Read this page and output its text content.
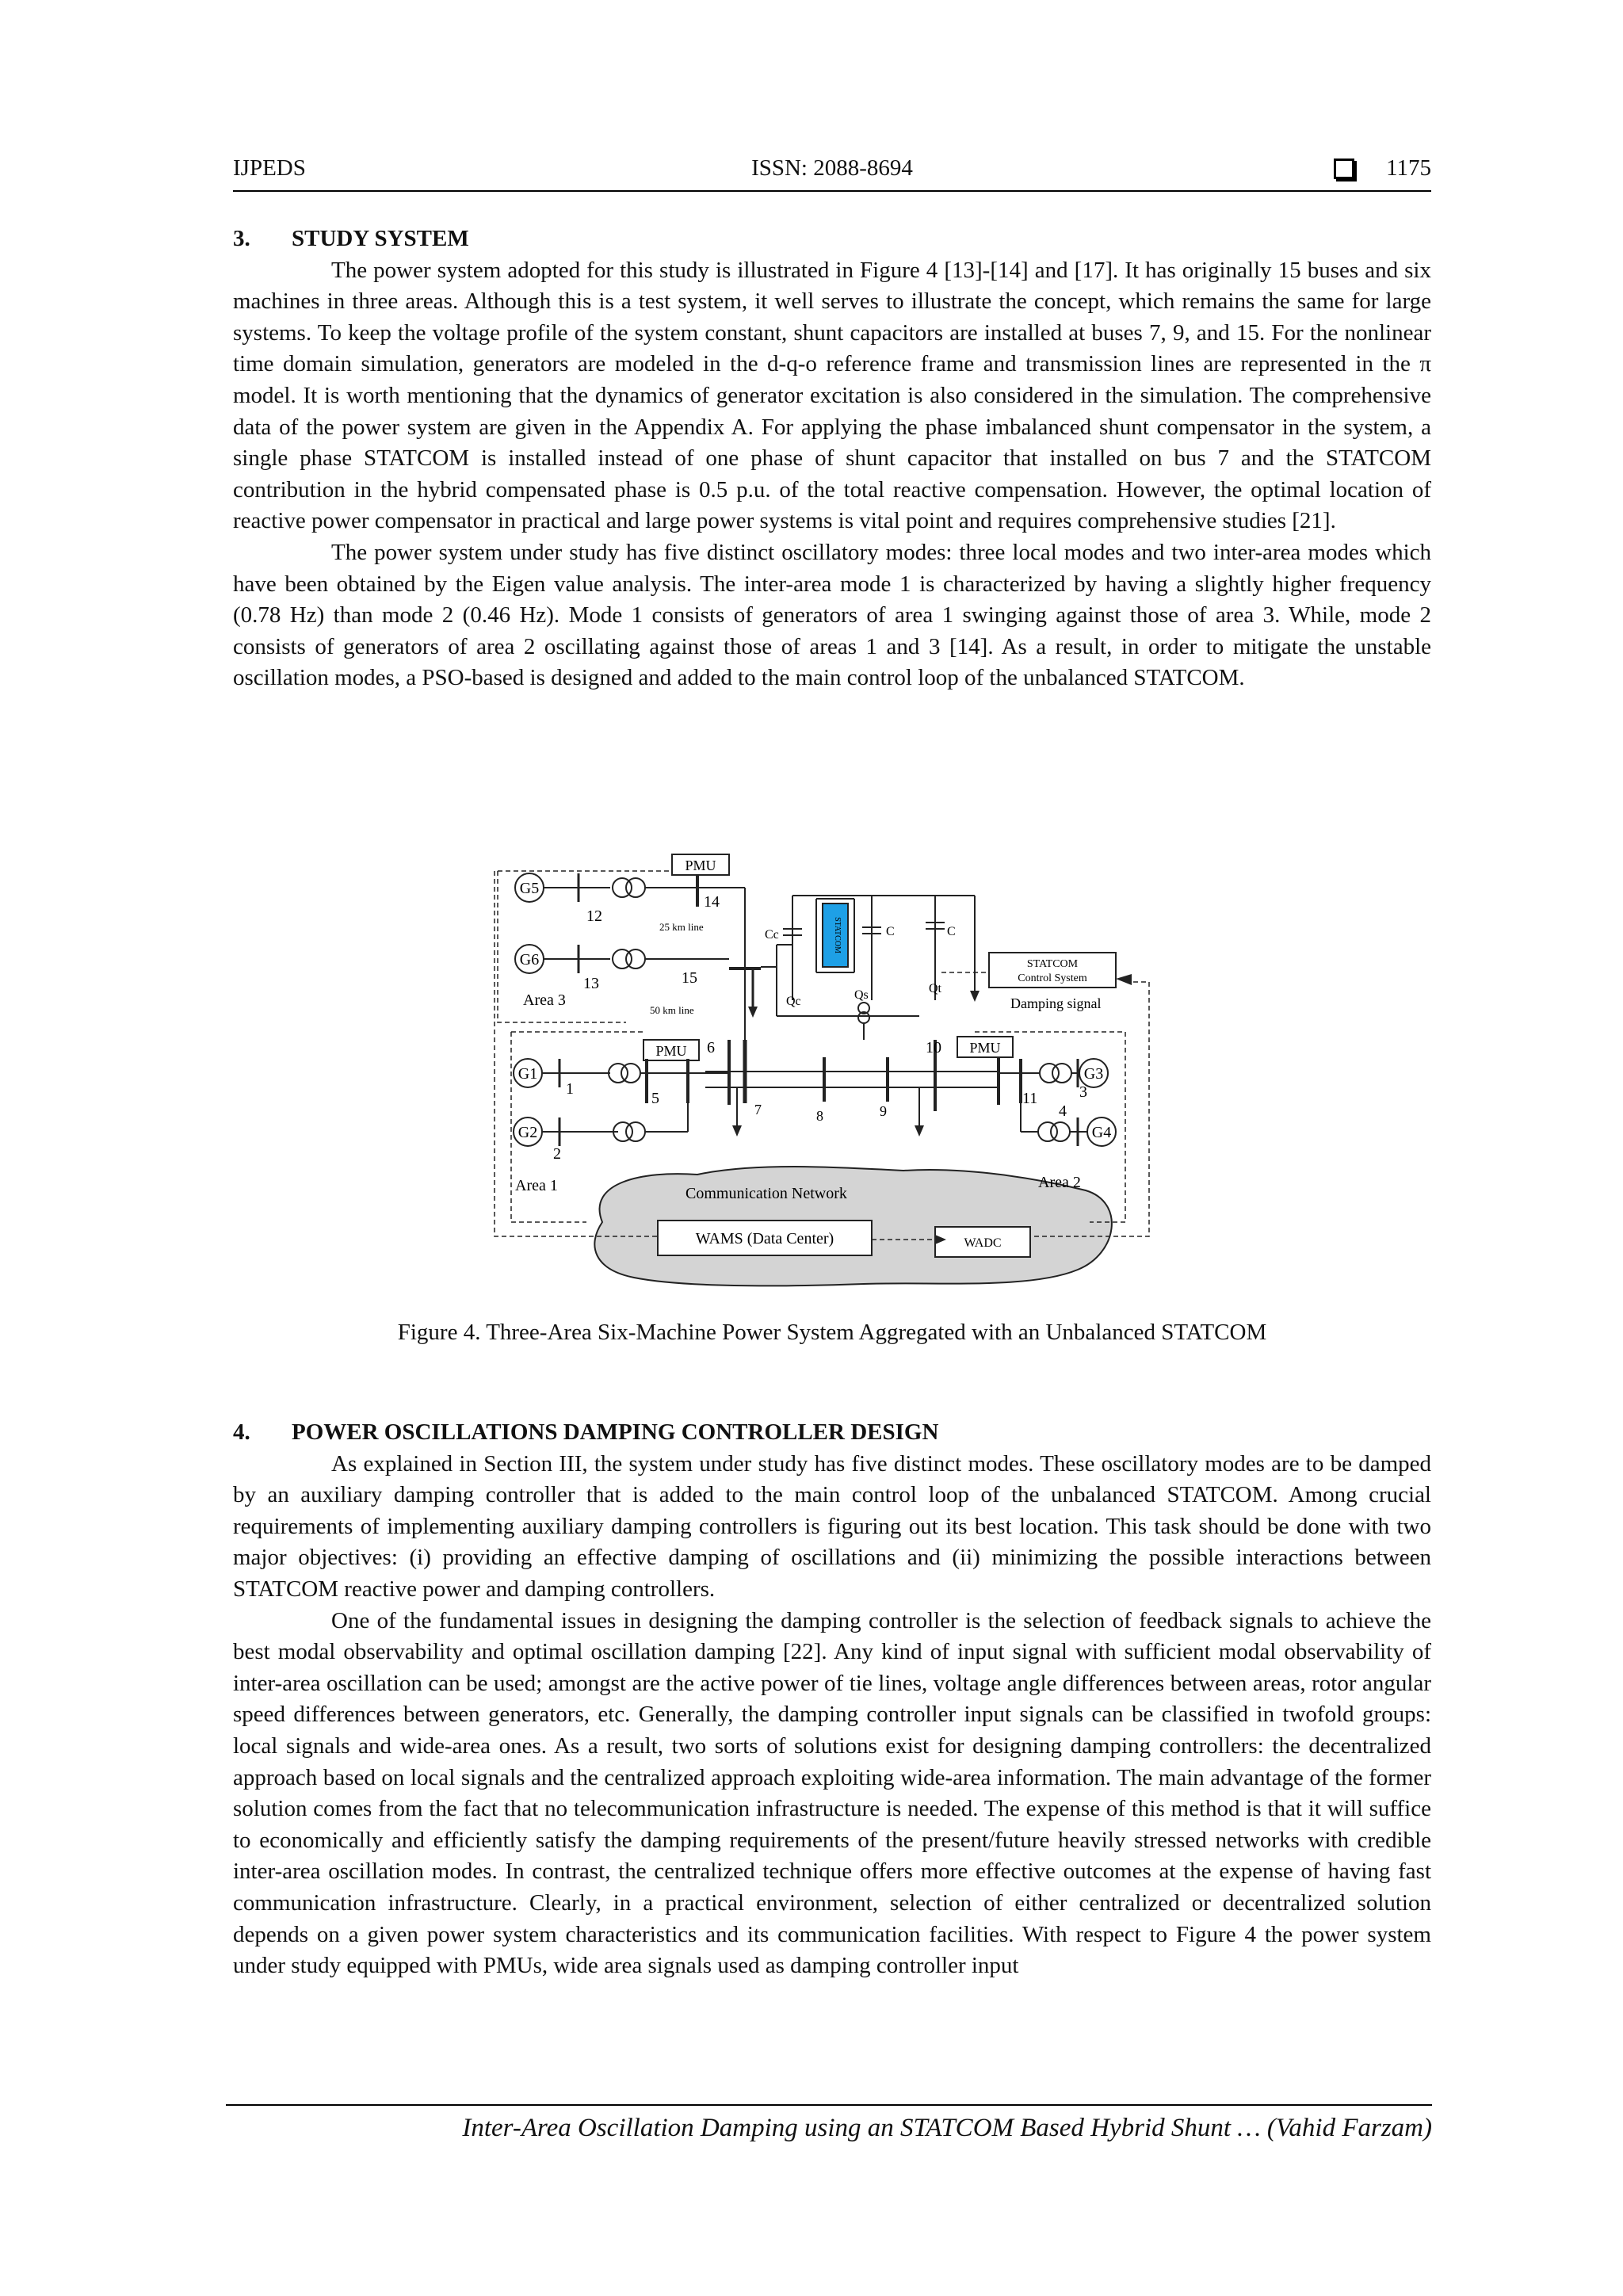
IJPEDS	ISSN: 2088-8694	1175
3.	STUDY SYSTEM

The power system adopted for this study is illustrated in Figure 4 [13]-[14] and [17]. It has originally 15 buses and six machines in three areas. Although this is a test system, it well serves to illustrate the concept, which remains the same for large systems. To keep the voltage profile of the system constant, shunt capacitors are installed at buses 7, 9, and 15. For the nonlinear time domain simulation, generators are modeled in the d-q-o reference frame and transmission lines are represented in the π model. It is worth mentioning that the dynamics of generator excitation is also considered in the simulation. The comprehensive data of the power system are given in the Appendix A. For applying the phase imbalanced shunt compensator in the system, a single phase STATCOM is installed instead of one phase of shunt capacitor that installed on bus 7 and the STATCOM contribution in the hybrid compensated phase is 0.5 p.u. of the total reactive compensation. However, the optimal location of reactive power compensator in practical and large power systems is vital point and requires comprehensive studies [21].

The power system under study has five distinct oscillatory modes: three local modes and two inter-area modes which have been obtained by the Eigen value analysis. The inter-area mode 1 is characterized by having a slightly higher frequency (0.78 Hz) than mode 2 (0.46 Hz). Mode 1 consists of generators of area 1 swinging against those of area 3. While, mode 2 consists of generators of area 2 oscillating against those of areas 1 and 3 [14]. As a result, in order to mitigate the unstable oscillation modes, a PSO-based is designed and added to the main control loop of the unbalanced STATCOM.

G5
12
14
25 km line
PMU
G6
13	15
Area 3
50 km line
Cc	STATCOM	C	C
Qc	Qs	Qt
STATCOM
Control System
Damping signal
7	8	9
6	10
PMU	PMU
G1
1
5
G2
2
Area 1
G3
11	3
G4
4
Area 2
Communication Network
WAMS (Data Center)	WADC
Figure 4. Three-Area Six-Machine Power System Aggregated with an Unbalanced STATCOM
4.	POWER OSCILLATIONS DAMPING CONTROLLER DESIGN

As explained in Section III, the system under study has five distinct modes. These oscillatory modes are to be damped by an auxiliary damping controller that is added to the main control loop of the unbalanced STATCOM. Among crucial requirements of implementing auxiliary damping controllers is figuring out its best location. This task should be done with two major objectives: (i) providing an effective damping of oscillations and (ii) minimizing the possible interactions between STATCOM reactive power and damping controllers.

One of the fundamental issues in designing the damping controller is the selection of feedback signals to achieve the best modal observability and optimal oscillation damping [22]. Any kind of input signal with sufficient modal observability of inter-area oscillation can be used; amongst are the active power of tie lines, voltage angle differences between areas, rotor angular speed differences between generators, etc. Generally, the damping controller input signals can be classified in twofold groups: local signals and wide-area ones. As a result, two sorts of solutions exist for designing damping controllers: the decentralized approach based on local signals and the centralized approach exploiting wide-area information. The main advantage of the former solution comes from the fact that no telecommunication infrastructure is needed. The expense of this method is that it will suffice to economically and efficiently satisfy the damping requirements of the present/future heavily stressed networks with credible inter-area oscillation modes. In contrast, the centralized technique offers more effective outcomes at the expense of having fast communication infrastructure. Clearly, in a practical environment, selection of either centralized or decentralized solution depends on a given power system characteristics and its communication facilities. With respect to Figure 4 the power system under study equipped with PMUs, wide area signals used as damping controller input

Inter-Area Oscillation Damping using an STATCOM Based Hybrid Shunt … (Vahid Farzam)
